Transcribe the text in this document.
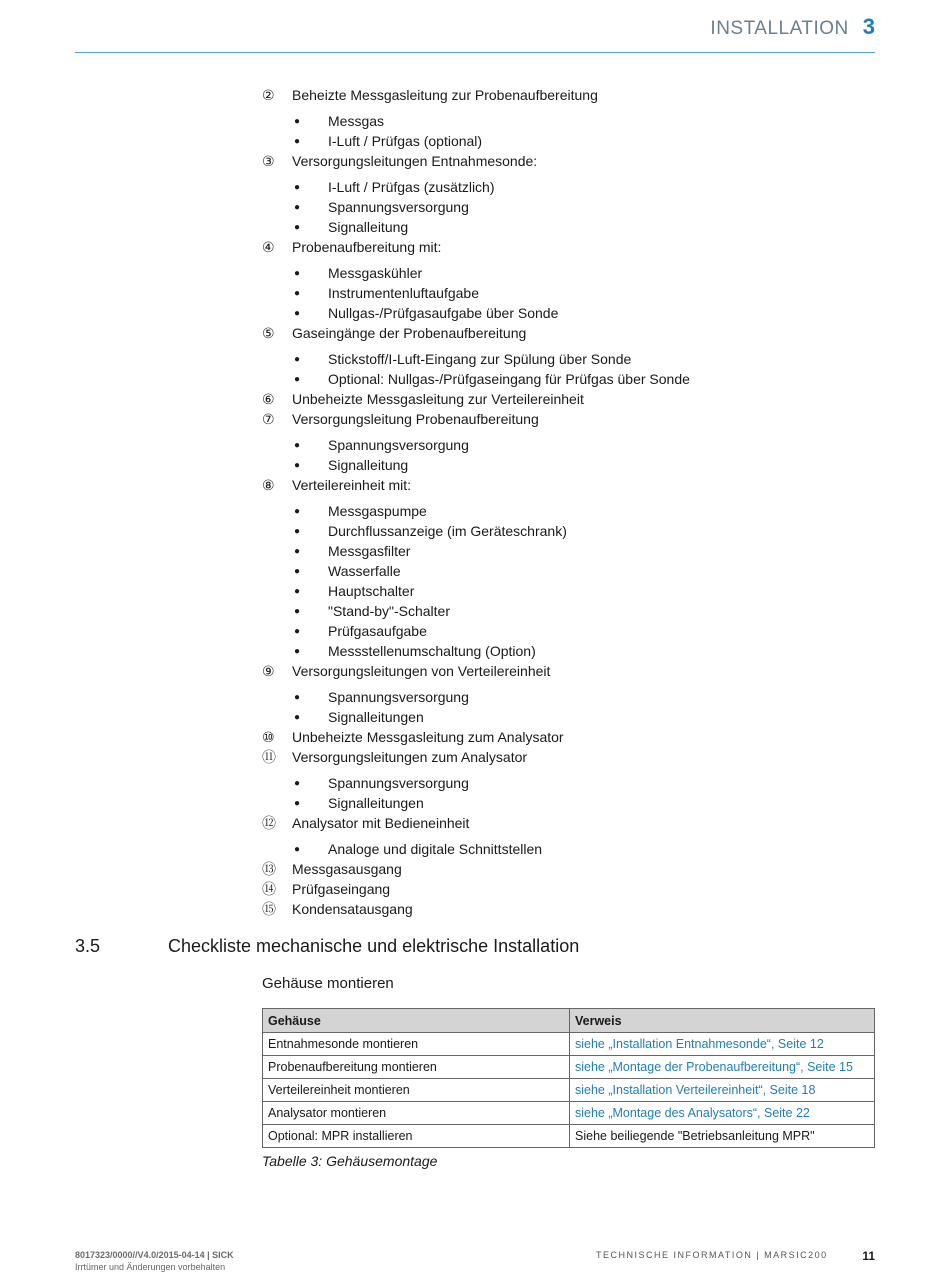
INSTALLATION 3
②	Beheizte Messgasleitung zur Probenaufbereitung
●	Messgas
●	I-Luft / Prüfgas (optional)
③	Versorgungsleitungen Entnahmesonde:
●	I-Luft / Prüfgas (zusätzlich)
●	Spannungsversorgung
●	Signalleitung
④	Probenaufbereitung mit:
●	Messgaskühler
●	Instrumentenluftaufgabe
●	Nullgas-/Prüfgasaufgabe über Sonde
⑤	Gaseingänge der Probenaufbereitung
●	Stickstoff/I-Luft-Eingang zur Spülung über Sonde
●	Optional: Nullgas-/Prüfgaseingang für Prüfgas über Sonde
⑥	Unbeheizte Messgasleitung zur Verteilereinheit
⑦	Versorgungsleitung Probenaufbereitung
●	Spannungsversorgung
●	Signalleitung
⑧	Verteilereinheit mit:
●	Messgaspumpe
●	Durchflussanzeige (im Geräteschrank)
●	Messgasfilter
●	Wasserfalle
●	Hauptschalter
●	"Stand-by"-Schalter
●	Prüfgasaufgabe
●	Messstellenumschaltung (Option)
⑨	Versorgungsleitungen von Verteilereinheit
●	Spannungsversorgung
●	Signalleitungen
⑩	Unbeheizte Messgasleitung zum Analysator
⑪	Versorgungsleitungen zum Analysator
●	Spannungsversorgung
●	Signalleitungen
⑫	Analysator mit Bedieneinheit
●	Analoge und digitale Schnittstellen
⑬	Messgasausgang
⑭	Prüfgaseingang
⑮	Kondensatausgang
3.5	Checkliste mechanische und elektrische Installation
Gehäuse montieren
Gehäuse	Verweis
Entnahmesonde montieren	siehe „Installation Entnahmesonde“, Seite 12
Probenaufbereitung montieren	siehe „Montage der Probenaufbereitung“, Seite 15
Verteilereinheit montieren	siehe „Installation Verteilereinheit“, Seite 18
Analysator montieren	siehe „Montage des Analysators“, Seite 22
Optional: MPR installieren	Siehe beiliegende "Betriebsanleitung MPR"
Tabelle 3: Gehäusemontage
8017323/0000//V4.0/2015-04-14 | SICK
Irrtümer und Änderungen vorbehalten
TECHNISCHE INFORMATION | MARSIC200	11
